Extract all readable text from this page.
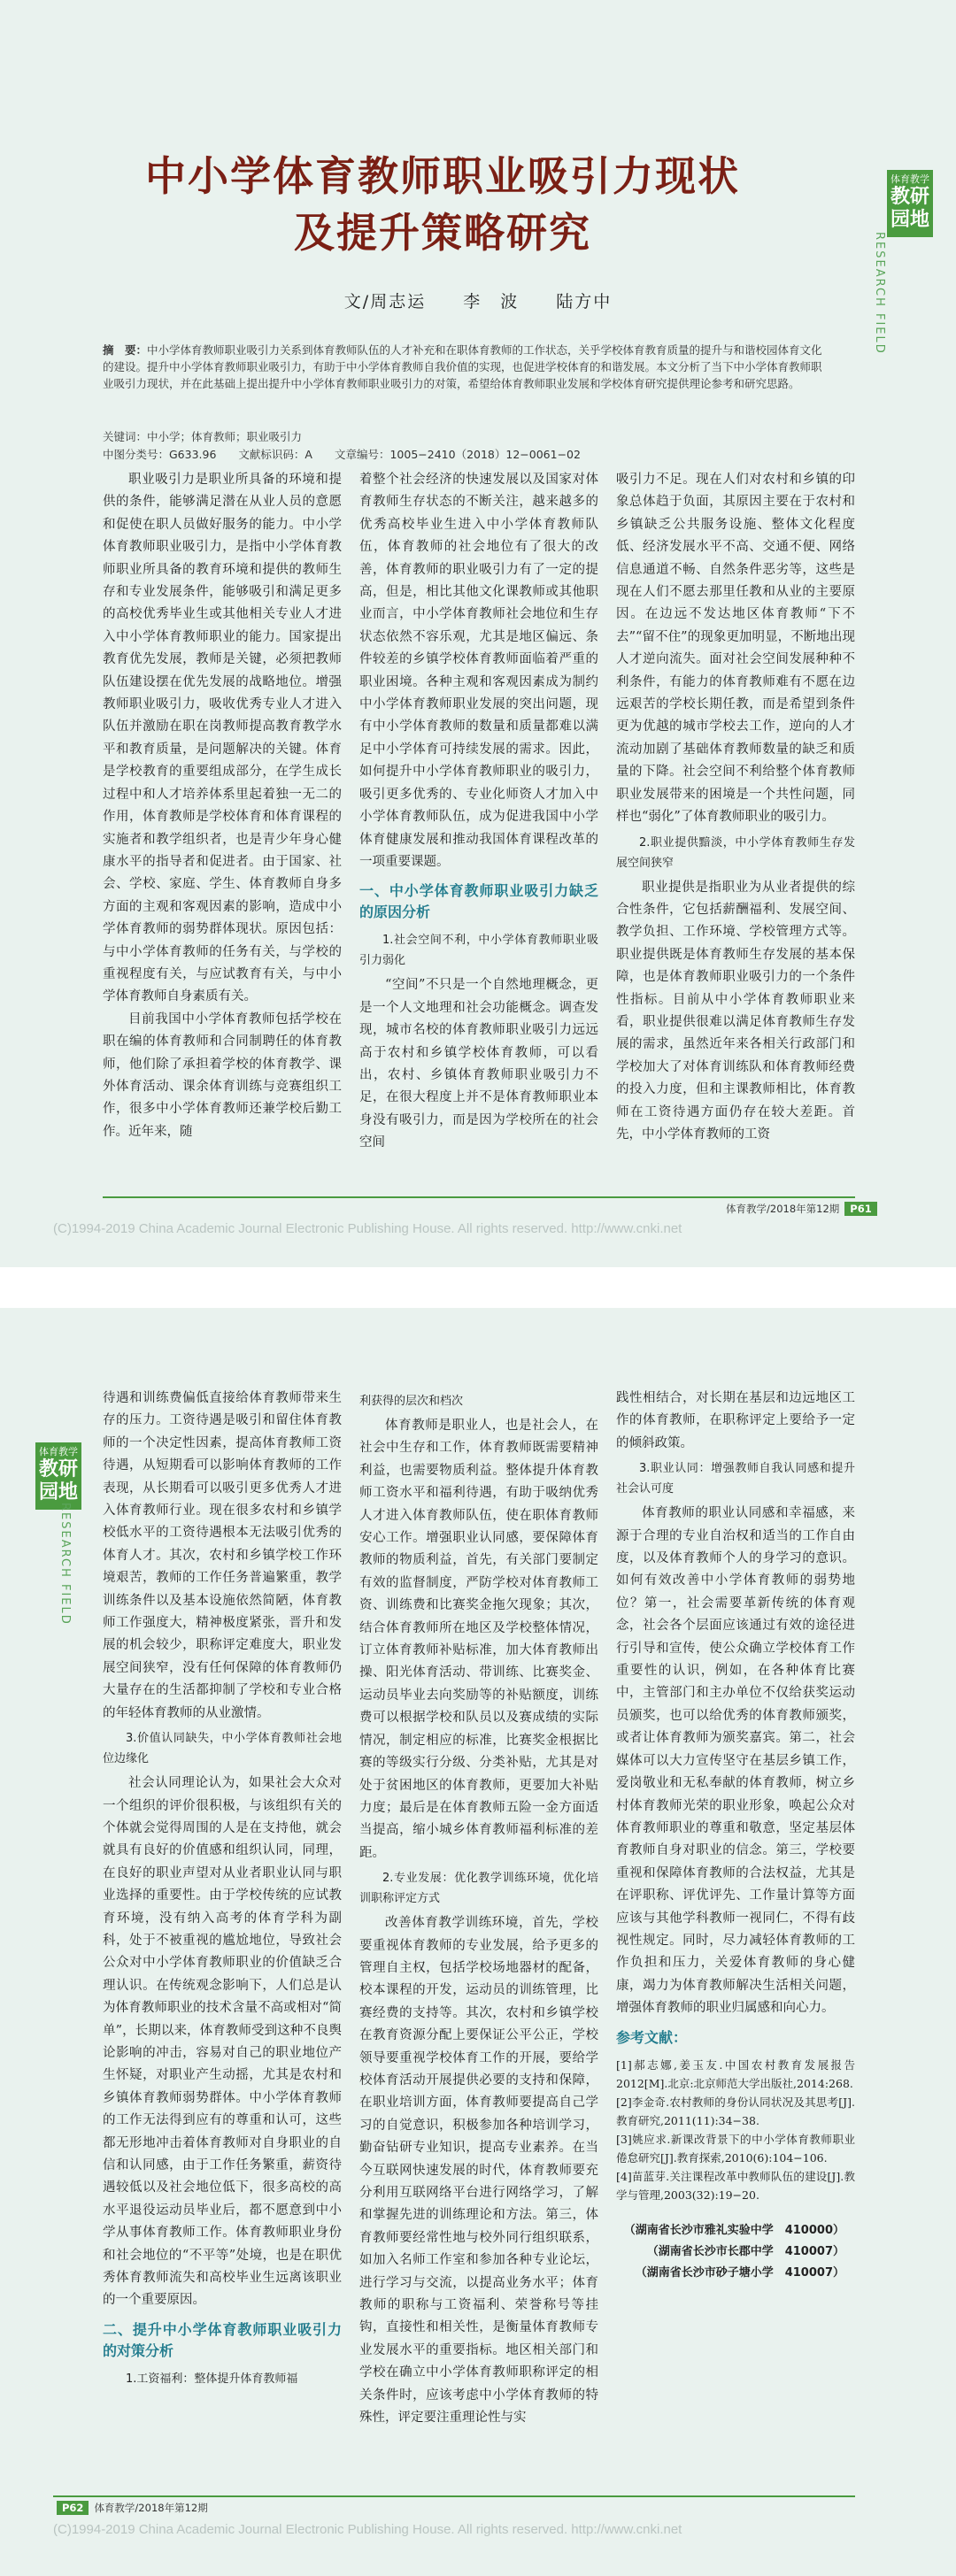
中小学体育教师职业吸引力现状
及提升策略研究
体育教学
教研园地
RESEARCH FIELD
文/周志运　　李　波　　陆方中
摘　要：中小学体育教师职业吸引力关系到体育教师队伍的人才补充和在职体育教师的工作状态，关乎学校体育教育质量的提升与和谐校园体育文化的建设。提升中小学体育教师职业吸引力，有助于中小学体育教师自我价值的实现，也促进学校体育的和谐发展。本文分析了当下中小学体育教师职业吸引力现状，并在此基础上提出提升中小学体育教师职业吸引力的对策，希望给体育教师职业发展和学校体育研究提供理论参考和研究思路。
关键词：中小学；体育教师；职业吸引力
中图分类号：G633.96　　文献标识码：A　　文章编号：1005−2410（2018）12−0061−02

职业吸引力是职业所具备的环境和提供的条件，能够满足潜在从业人员的意愿和促使在职人员做好服务的能力。中小学体育教师职业吸引力，是指中小学体育教师职业所具备的教育环境和提供的教师生存和专业发展条件，能够吸引和满足更多的高校优秀毕业生或其他相关专业人才进入中小学体育教师职业的能力。国家提出教育优先发展，教师是关键，必须把教师队伍建设摆在优先发展的战略地位。增强教师职业吸引力，吸收优秀专业人才进入队伍并激励在职在岗教师提高教育教学水平和教育质量，是问题解决的关键。体育是学校教育的重要组成部分，在学生成长过程中和人才培养体系里起着独一无二的作用，体育教师是学校体育和体育课程的实施者和教学组织者，也是青少年身心健康水平的指导者和促进者。由于国家、社会、学校、家庭、学生、体育教师自身多方面的主观和客观因素的影响，造成中小学体育教师的弱势群体现状。原因包括：与中小学体育教师的任务有关，与学校的重视程度有关，与应试教育有关，与中小学体育教师自身素质有关。

目前我国中小学体育教师包括学校在职在编的体育教师和合同制聘任的体育教师，他们除了承担着学校的体育教学、课外体育活动、课余体育训练与竞赛组织工作，很多中小学体育教师还兼学校后勤工作。近年来，随

着整个社会经济的快速发展以及国家对体育教师生存状态的不断关注，越来越多的优秀高校毕业生进入中小学体育教师队伍，体育教师的社会地位有了很大的改善，体育教师的职业吸引力有了一定的提高，但是，相比其他文化课教师或其他职业而言，中小学体育教师社会地位和生存状态依然不容乐观，尤其是地区偏远、条件较差的乡镇学校体育教师面临着严重的职业困境。各种主观和客观因素成为制约中小学体育教师职业发展的突出问题，现有中小学体育教师的数量和质量都难以满足中小学体育可持续发展的需求。因此，如何提升中小学体育教师职业的吸引力，吸引更多优秀的、专业化师资人才加入中小学体育教师队伍，成为促进我国中小学体育健康发展和推动我国体育课程改革的一项重要课题。

一、中小学体育教师职业吸引力缺乏的原因分析
1.社会空间不利，中小学体育教师职业吸引力弱化

“空间”不只是一个自然地理概念，更是一个人文地理和社会功能概念。调查发现，城市名校的体育教师职业吸引力远远高于农村和乡镇学校体育教师，可以看出，农村、乡镇体育教师职业吸引力不足，在很大程度上并不是体育教师职业本身没有吸引力，而是因为学校所在的社会空间

吸引力不足。现在人们对农村和乡镇的印象总体趋于负面，其原因主要在于农村和乡镇缺乏公共服务设施、整体文化程度低、经济发展水平不高、交通不便、网络信息通道不畅、自然条件恶劣等，这些是现在人们不愿去那里任教和从业的主要原因。在边远不发达地区体育教师“下不去”“留不住”的现象更加明显，不断地出现人才逆向流失。面对社会空间发展种种不利条件，有能力的体育教师难有不愿在边远艰苦的学校长期任教，而是希望到条件更为优越的城市学校去工作，逆向的人才流动加剧了基础体育教师数量的缺乏和质量的下降。社会空间不利给整个体育教师职业发展带来的困境是一个共性问题，同样也“弱化”了体育教师职业的吸引力。

2.职业提供黯淡，中小学体育教师生存发展空间狭窄

职业提供是指职业为从业者提供的综合性条件，它包括薪酬福利、发展空间、教学负担、工作环境、学校管理方式等。职业提供既是体育教师生存发展的基本保障，也是体育教师职业吸引力的一个条件性指标。目前从中小学体育教师职业来看，职业提供很难以满足体育教师生存发展的需求，虽然近年来各相关行政部门和学校加大了对体育训练队和体育教师经费的投入力度，但和主课教师相比，体育教师在工资待遇方面仍存在较大差距。首先，中小学体育教师的工资

体育教学/2018年第12期 P61
(C)1994-2019 China Academic Journal Electronic Publishing House. All rights reserved. http://www.cnki.net
体育教学
教研园地
RESEARCH FIELD

待遇和训练费偏低直接给体育教师带来生存的压力。工资待遇是吸引和留住体育教师的一个决定性因素，提高体育教师工资待遇，从短期看可以影响体育教师的工作表现，从长期看可以吸引更多优秀人才进入体育教师行业。现在很多农村和乡镇学校低水平的工资待遇根本无法吸引优秀的体育人才。其次，农村和乡镇学校工作环境艰苦，教师的工作任务普遍繁重，教学训练条件以及基本设施依然简陋，体育教师工作强度大，精神极度紧张，晋升和发展的机会较少，职称评定难度大，职业发展空间狭窄，没有任何保障的体育教师仍大量存在的生活都抑制了学校和专业合格的年轻体育教师的从业激情。

3.价值认同缺失，中小学体育教师社会地位边缘化

社会认同理论认为，如果社会大众对一个组织的评价很积极，与该组织有关的个体就会觉得周围的人是在支持他，就会就具有良好的价值感和组织认同，同理，在良好的职业声望对从业者职业认同与职业选择的重要性。由于学校传统的应试教育环境，没有纳入高考的体育学科为副科，处于不被重视的尴尬地位，导致社会公众对中小学体育教师职业的价值缺乏合理认识。在传统观念影响下，人们总是认为体育教师职业的技术含量不高或相对“简单”，长期以来，体育教师受到这种不良舆论影响的冲击，容易对自己的职业地位产生怀疑，对职业产生动摇，尤其是农村和乡镇体育教师弱势群体。中小学体育教师的工作无法得到应有的尊重和认可，这些都无形地冲击着体育教师对自身职业的自信和认同感，由于工作任务繁重，薪资待遇较低以及社会地位低下，很多高校的高水平退役运动员毕业后，都不愿意到中小学从事体育教师工作。体育教师职业身份和社会地位的“不平等”处境，也是在职优秀体育教师流失和高校毕业生远离该职业的一个重要原因。

二、提升中小学体育教师职业吸引力的对策分析
1.工资福利：整体提升体育教师福
利获得的层次和档次

体育教师是职业人，也是社会人，在社会中生存和工作，体育教师既需要精神利益，也需要物质利益。整体提升体育教师工资水平和福利待遇，有助于吸纳优秀人才进入体育教师队伍，使在职体育教师安心工作。增强职业认同感，要保障体育教师的物质利益，首先，有关部门要制定有效的监督制度，严防学校对体育教师工资、训练费和比赛奖金拖欠现象；其次，结合体育教师所在地区及学校整体情况，订立体育教师补贴标准，加大体育教师出操、阳光体育活动、带训练、比赛奖金、运动员毕业去向奖励等的补贴额度，训练费可以根据学校和队员以及赛成绩的实际情况，制定相应的标准，比赛奖金根据比赛的等级实行分级、分类补贴，尤其是对处于贫困地区的体育教师，更要加大补贴力度；最后是在体育教师五险一金方面适当提高，缩小城乡体育教师福利标准的差距。

2.专业发展：优化教学训练环境，优化培训职称评定方式

改善体育教学训练环境，首先，学校要重视体育教师的专业发展，给予更多的管理自主权，包括学校场地器材的配备，校本课程的开发，运动员的训练管理，比赛经费的支持等。其次，农村和乡镇学校在教育资源分配上要保证公平公正，学校领导要重视学校体育工作的开展，要给学校体育活动开展提供必要的支持和保障，在职业培训方面，体育教师要提高自己学习的自觉意识，积极参加各种培训学习，勤奋钻研专业知识，提高专业素养。在当今互联网快速发展的时代，体育教师要充分利用互联网络平台进行网络学习，了解和掌握先进的训练理论和方法。第三，体育教师要经常性地与校外同行组织联系，如加入名师工作室和参加各种专业论坛，进行学习与交流，以提高业务水平；体育教师的职称与工资福利、荣誉称号等挂钩，直接性和相关性，是衡量体育教师专业发展水平的重要指标。地区相关部门和学校在确立中小学体育教师职称评定的相关条件时，应该考虑中小学体育教师的特殊性，评定要注重理论性与实

践性相结合，对长期在基层和边远地区工作的体育教师，在职称评定上要给予一定的倾斜政策。

3.职业认同：增强教师自我认同感和提升社会认可度

体育教师的职业认同感和幸福感，来源于合理的专业自治权和适当的工作自由度，以及体育教师个人的身学习的意识。如何有效改善中小学体育教师的弱势地位？第一，社会需要革新传统的体育观念，社会各个层面应该通过有效的途径进行引导和宣传，使公众确立学校体育工作重要性的认识，例如，在各种体育比赛中，主管部门和主办单位不仅给获奖运动员颁奖，也可以给优秀的体育教师颁奖，或者让体育教师为颁奖嘉宾。第二，社会媒体可以大力宣传坚守在基层乡镇工作，爱岗敬业和无私奉献的体育教师，树立乡村体育教师光荣的职业形象，唤起公众对体育教师职业的尊重和敬意，坚定基层体育教师自身对职业的信念。第三，学校要重视和保障体育教师的合法权益，尤其是在评职称、评优评先、工作量计算等方面应该与其他学科教师一视同仁，不得有歧视性规定。同时，尽力减轻体育教师的工作负担和压力，关爱体育教师的身心健康，竭力为体育教师解决生活相关问题，增强体育教师的职业归属感和向心力。

参考文献：
[1]郝志娜,姜玉友.中国农村教育发展报告2012[M].北京:北京师范大学出版社,2014:268.
[2]李金奇.农村教师的身份认同状况及其思考[J].教育研究,2011(11):34−38.
[3]姚应求.新课改背景下的中小学体育教师职业倦怠研究[J].教育探索,2010(6):104−106.
[4]苗蓝芽.关注课程改革中教师队伍的建设[J].教学与管理,2003(32):19−20.
（湖南省长沙市雅礼实验中学　410000）
（湖南省长沙市长郡中学　410007）
（湖南省长沙市砂子塘小学　410007）
P62 体育教学/2018年第12期
(C)1994-2019 China Academic Journal Electronic Publishing House. All rights reserved. http://www.cnki.net
